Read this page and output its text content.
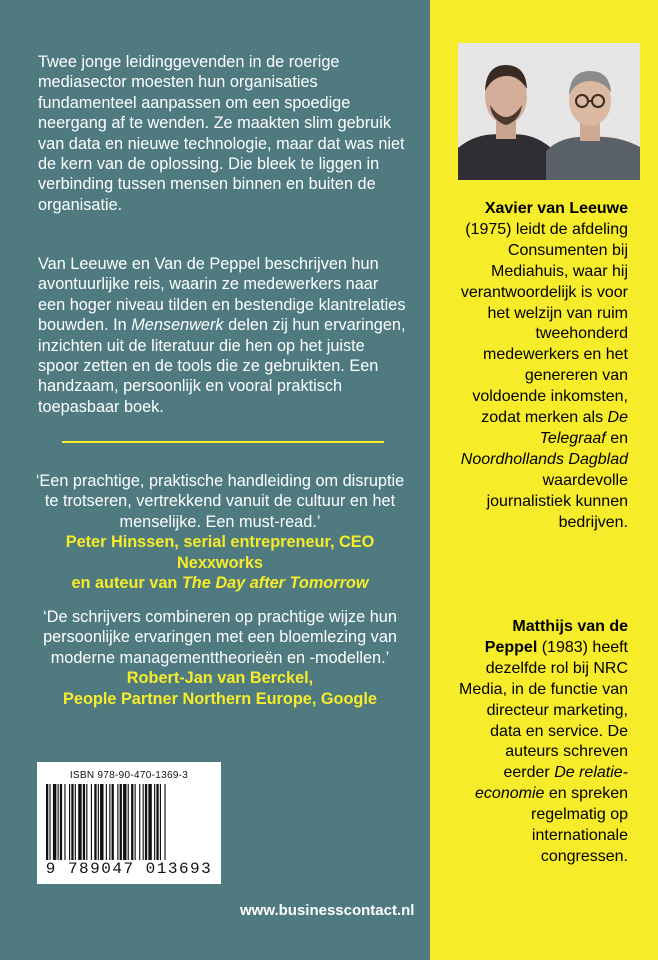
Twee jonge leidinggevenden in de roerige mediasector moesten hun organisaties fundamenteel aanpassen om een spoedige neergang af te wenden. Ze maakten slim gebruik van data en nieuwe technologie, maar dat was niet de kern van de oplossing. Die bleek te liggen in verbinding tussen mensen binnen en buiten de organisatie.

Van Leeuwe en Van de Peppel beschrijven hun avontuurlijke reis, waarin ze medewerkers naar een hoger niveau tilden en bestendige klantrelaties bouwden. In Mensenwerk delen zij hun ervaringen, inzichten uit de literatuur die hen op het juiste spoor zetten en de tools die ze gebruikten. Een handzaam, persoonlijk en vooral praktisch toepasbaar boek.

‘Een prachtige, praktische handleiding om disruptie te trotseren, vertrekkend vanuit de cultuur en het menselijke. Een must-read.’
Peter Hinssen, serial entrepreneur, CEO Nexxworks
en auteur van The Day after Tomorrow

‘De schrijvers combineren op prachtige wijze hun persoonlijke ervaringen met een bloemlezing van moderne managementtheorieën en -modellen.’
Robert-Jan van Berckel,
People Partner Northern Europe, Google

ISBN 978-90-470-1369-3
9 789047 013693
www.businesscontact.nl

Xavier van Leeuwe (1975) leidt de afdeling Consumenten bij Mediahuis, waar hij verantwoordelijk is voor het welzijn van ruim tweehonderd medewerkers en het genereren van voldoende inkomsten, zodat merken als De Telegraaf en Noordhollands Dagblad waardevolle journalistiek kunnen bedrijven.

Matthijs van de Peppel (1983) heeft dezelfde rol bij NRC Media, in de functie van directeur marketing, data en service. De auteurs schreven eerder De relatie-economie en spreken regelmatig op internationale congressen.
